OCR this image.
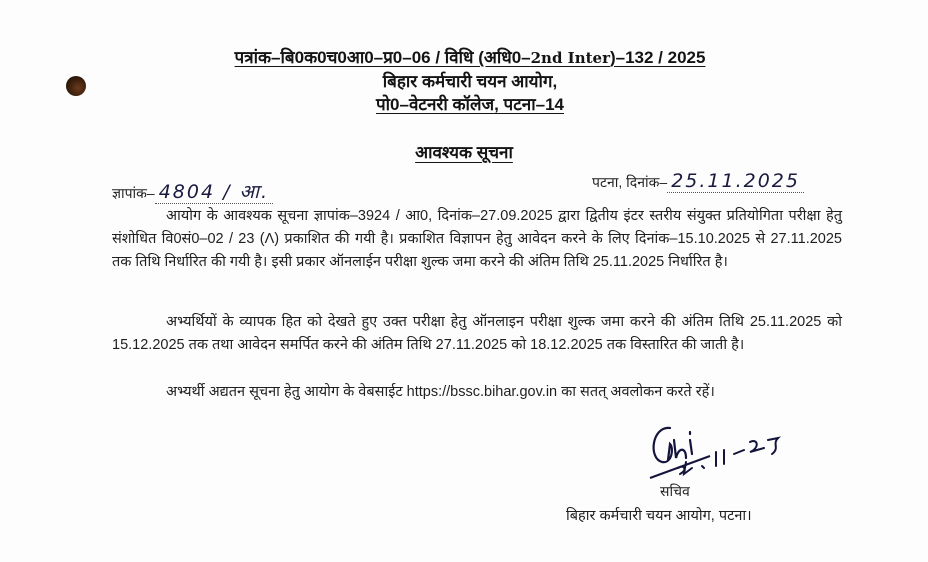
पत्रांक–बि0क0च0आ0–प्र0–06 / विधि (अधि0–2nd Inter)–132 / 2025
बिहार कर्मचारी चयन आयोग,
पो0–वेटनरी कॉलेज, पटना–14
आवश्यक सूचना
ज्ञापांक– 4804 / आ.	पटना, दिनांक– 25.11.2025

आयोग के आवश्यक सूचना ज्ञापांक–3924 / आ0, दिनांक–27.09.2025 द्वारा द्वितीय इंटर स्तरीय संयुक्त प्रतियोगिता परीक्षा हेतु संशोधित वि0सं0–02 / 23 (Λ) प्रकाशित की गयी है। प्रकाशित विज्ञापन हेतु आवेदन करने के लिए दिनांक–15.10.2025 से 27.11.2025 तक तिथि निर्धारित की गयी है। इसी प्रकार ऑनलाईन परीक्षा शुल्क जमा करने की अंतिम तिथि 25.11.2025 निर्धारित है।

अभ्यर्थियों के व्यापक हित को देखते हुए उक्त परीक्षा हेतु ऑनलाइन परीक्षा शुल्क जमा करने की अंतिम तिथि 25.11.2025 को 15.12.2025 तक तथा आवेदन समर्पित करने की अंतिम तिथि 27.11.2025 को 18.12.2025 तक विस्तारित की जाती है।

अभ्यर्थी अद्यतन सूचना हेतु आयोग के वेबसाईट https://bssc.bihar.gov.in का सतत् अवलोकन करते रहें।

सचिव
बिहार कर्मचारी चयन आयोग, पटना।
